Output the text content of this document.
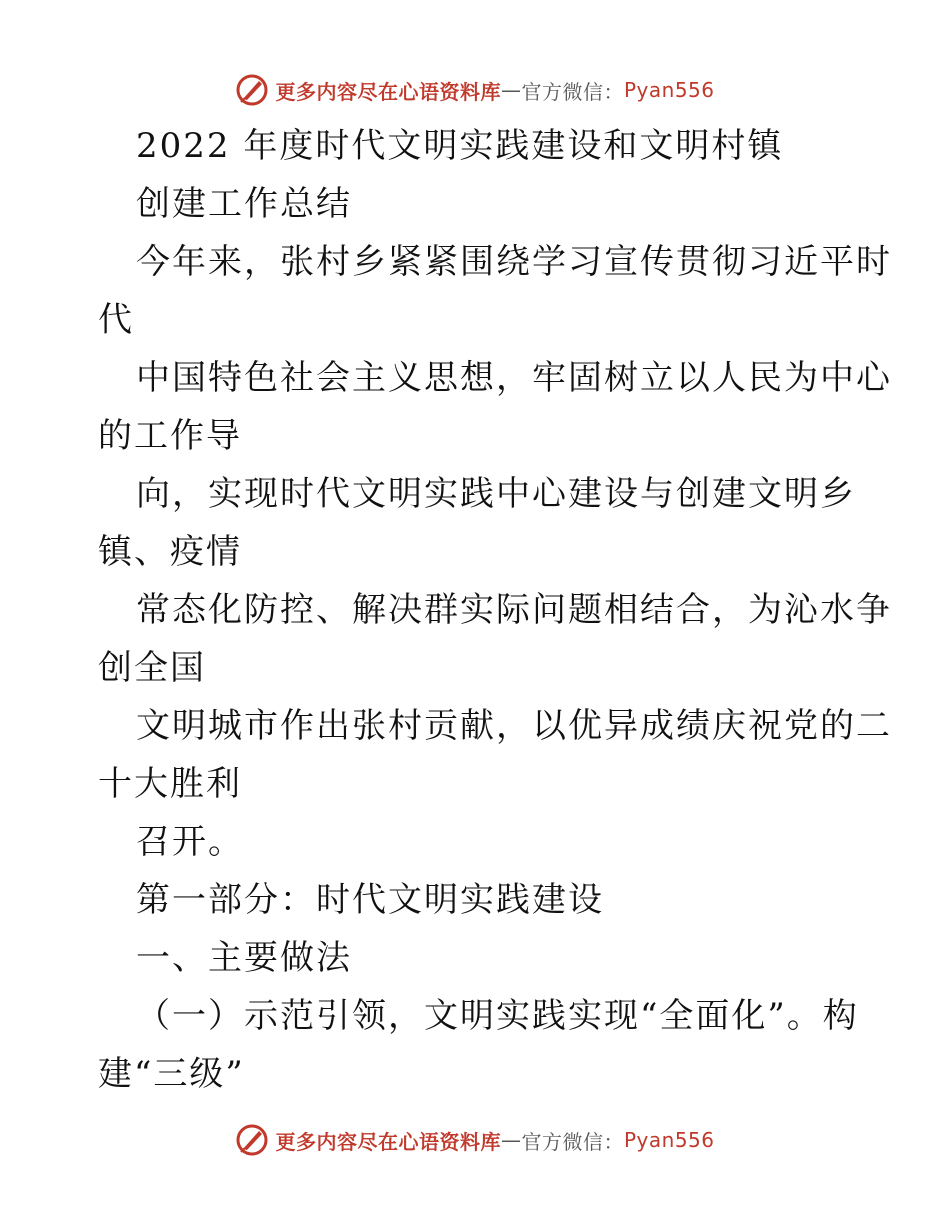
更多内容尽在心语资料库 — 官方微信： Pyan556
2022 年度时代文明实践建设和文明村镇
创建工作总结
今年来，张村乡紧紧围绕学习宣传贯彻习近平时
代
中国特色社会主义思想，牢固树立以人民为中心
的工作导
向，实现时代文明实践中心建设与创建文明乡
镇、疫情
常态化防控、解决群实际问题相结合，为沁水争
创全国
文明城市作出张村贡献，以优异成绩庆祝党的二
十大胜利
召开。
第一部分：时代文明实践建设
一、主要做法
（一）示范引领，文明实践实现“全面化”。构
建“三级”
更多内容尽在心语资料库 — 官方微信： Pyan556
